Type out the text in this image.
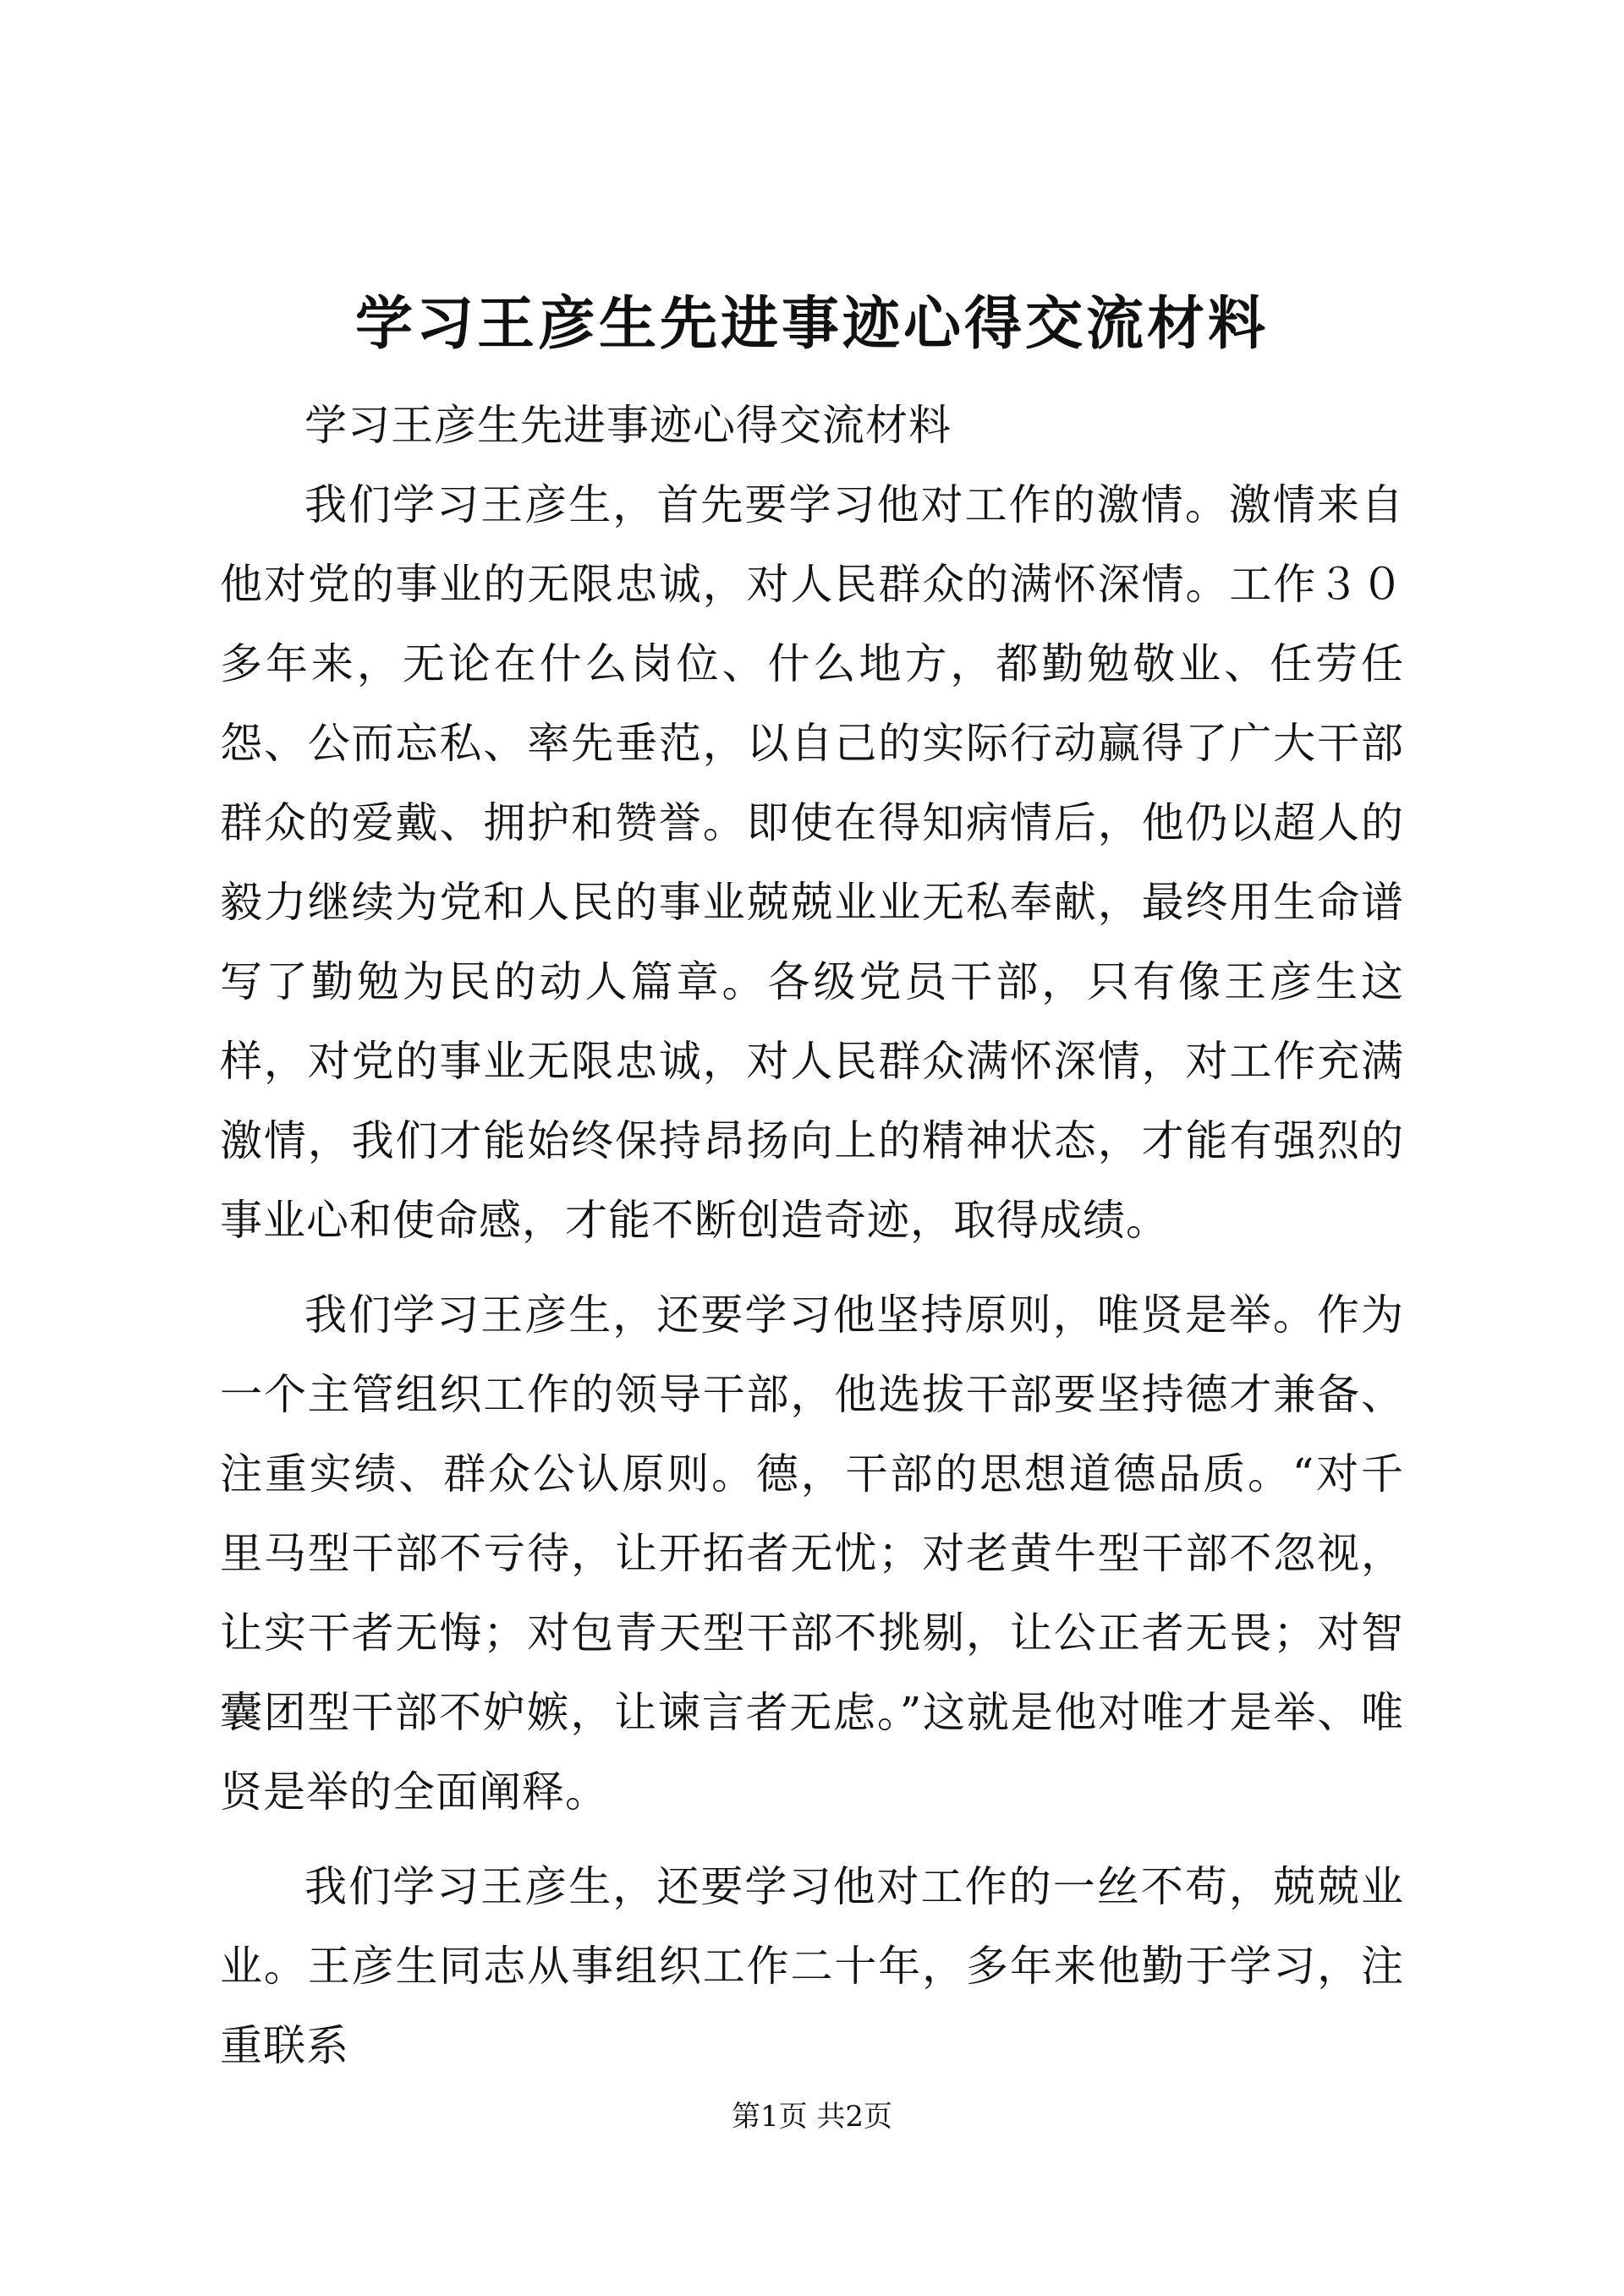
学习王彦生先进事迹心得交流材料

学习王彦生先进事迹心得交流材料

我们学习王彦生，首先要学习他对工作的激情。激情来自他对党的事业的无限忠诚，对人民群众的满怀深情。工作３０多年来，无论在什么岗位、什么地方，都勤勉敬业、任劳任怨、公而忘私、率先垂范，以自己的实际行动赢得了广大干部群众的爱戴、拥护和赞誉。即使在得知病情后，他仍以超人的毅力继续为党和人民的事业兢兢业业无私奉献，最终用生命谱写了勤勉为民的动人篇章。各级党员干部，只有像王彦生这样，对党的事业无限忠诚，对人民群众满怀深情，对工作充满激情，我们才能始终保持昂扬向上的精神状态，才能有强烈的事业心和使命感，才能不断创造奇迹，取得成绩。

我们学习王彦生，还要学习他坚持原则，唯贤是举。作为一个主管组织工作的领导干部，他选拔干部要坚持德才兼备、注重实绩、群众公认原则。德，干部的思想道德品质。“对千里马型干部不亏待，让开拓者无忧；对老黄牛型干部不忽视，让实干者无悔；对包青天型干部不挑剔，让公正者无畏；对智囊团型干部不妒嫉，让谏言者无虑。”这就是他对唯才是举、唯贤是举的全面阐释。

我们学习王彦生，还要学习他对工作的一丝不苟，兢兢业业。王彦生同志从事组织工作二十年，多年来他勤于学习，注重联系

第1页 共2页
